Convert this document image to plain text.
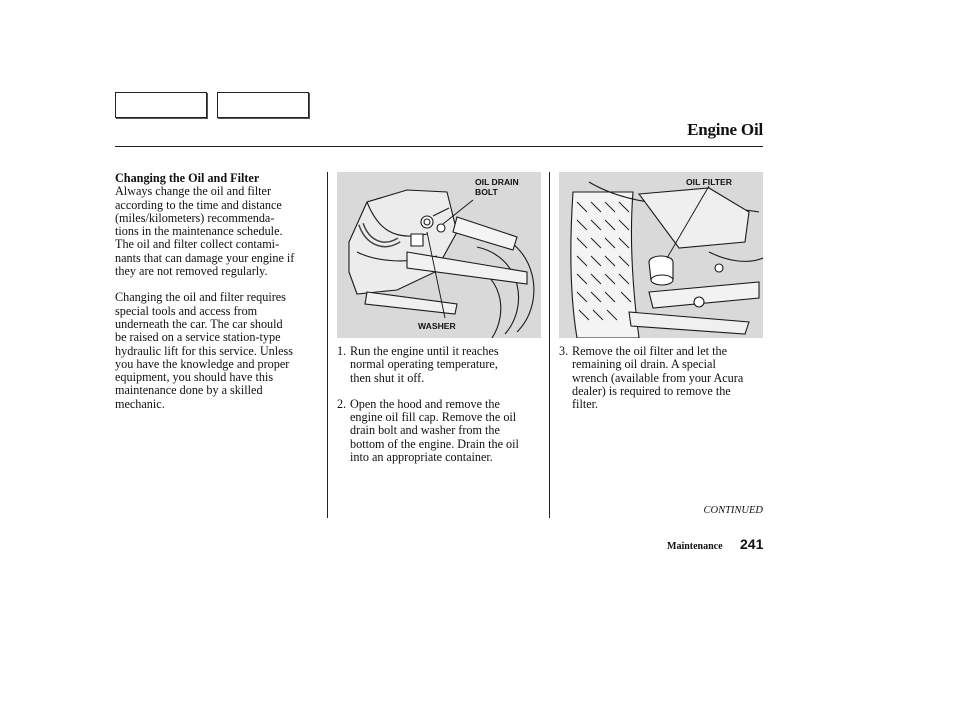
Engine Oil

Changing the Oil and Filter

Always change the oil and filter

according to the time and distance

(miles/kilometers) recommenda-

tions in the maintenance schedule.

The oil and filter collect contami-

nants that can damage your engine if

they are not removed regularly.

Changing the oil and filter requires

special tools and access from

underneath the car. The car should

be raised on a service station-type

hydraulic lift for this service. Unless

you have the knowledge and proper

equipment, you should have this

maintenance done by a skilled

mechanic.

OIL DRAIN
BOLT
WASHER
OIL FILTER
1. Run the engine until it reaches

normal operating temperature,

then shut it off.

2. Open the hood and remove the

engine oil fill cap. Remove the oil

drain bolt and washer from the

bottom of the engine. Drain the oil

into an appropriate container.

3. Remove the oil filter and let the

remaining oil drain. A special

wrench (available from your Acura

dealer) is required to remove the

filter.

CONTINUED
Maintenance 241
